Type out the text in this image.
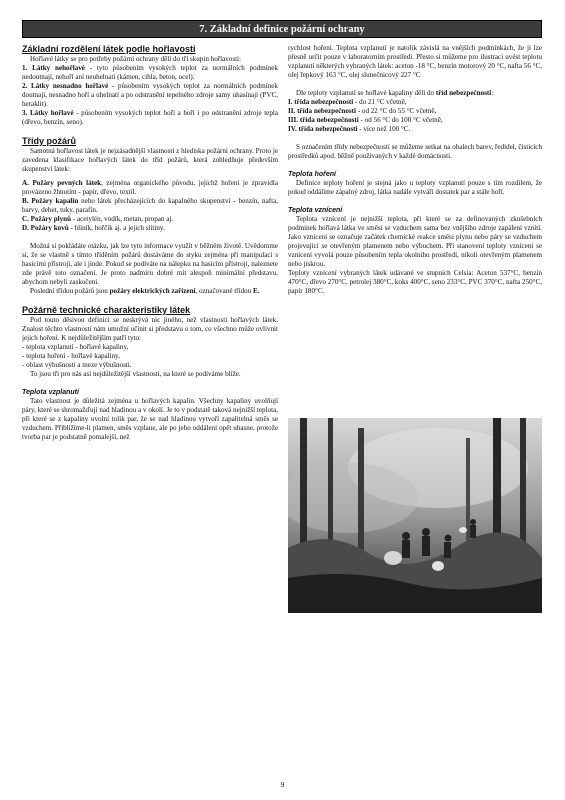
7. Základní definice požární ochrany

Základní rozdělení látek podle hořlavosti

Hořlavé látky se pro potřeby požární ochrany dělí do tří skupin hořlavosti:

1. Látky nehořlavé - tyto působením vysokých teplot za normálních podmínek nedoutnají, nehoří ani neuhelnatí (kámen, cihla, beton, ocel).

2. Látky nesnadno hořlavé - působením vysokých teplot za normálních podmínek doutnají, nesnadno hoří a uhelnatí a po odstranění tepelného zdroje samy uhasínají (PVC, heraklit).

3. Látky hořlavé - působením vysokých teplot hoří a hoří i po odstranění zdroje tepla (dřevo, benzín, seno).

Třídy požárů

Samotná hořlavost látek je nejzásadnější vlastností z hlediska požární ochrany. Proto je zavedena klasifikace hořlavých látek do tříd požárů, která zohledňuje především skupenství látek:

A. Požáry pevných látek, zejména organického původu, jejichž hoření je zpravidla provázeno žhnutím - papír, dřevo, textil.

B. Požáry kapalin nebo látek přecházejících do kapalného skupenství - benzín, nafta, barvy, dehet, tuky, parafín.

C. Požáry plynů - acetylén, vodík, metan, propan aj.

D. Požáry kovů - hliník, hořčík aj. a jejich slitiny.

Možná si pokládáte otázku, jak lze tyto informace využít v běžném životě. Uvědomme si, že se vlastně s tímto tříděním požárů dostáváme do styku zejména při manipulaci s hasicími přístroji, ale i jinde. Pokud se podíváte na nálepku na hasicím přístroji, naleznete zde právě toto označení. Je proto nadmíru dobré mít alespoň minimální představu, abychom nebyli zaskočeni.

Poslední třídou požárů jsou požáry elektrických zařízení, označované třídou E.

Požárně technické charakteristiky látek

Pod touto děsivou definicí se neskrývá nic jiného, než vlastnosti hořlavých látek. Znalost těchto vlastností nám umožní učinit si představu o tom, co všechno může ovlivnit jejich hoření. K nejdůležitějším patří tyto:

- teplota vzplanutí - hořlavé kapaliny,

- teplota hoření - hořlavé kapaliny,

- oblast výbušnosti a meze výbušnosti.

To jsou tři pro nás asi nejdůležitější vlastnosti, na které se podíváme blíže.

Teplota vzplanutí

Tato vlastnost je důležitá zejména u hořlavých kapalin. Všechny kapaliny uvolňují páry, které se shromažďují nad hladinou a v okolí. Je to v podstatě taková nejnižší teplota, při které se z kapaliny uvolní tolik par, že se nad hladinou vytvoří zapalitelná směs se vzduchem. Přiblížíme-li plamen, směs vzplane, ale po jeho oddálení opět uhasne, protože tvorba par je podstatně pomalejší, než

rychlost hoření. Teplota vzplanutí je natolik závislá na vnějších podmínkách, že ji lze přesně určit pouze v laboratorním prostředí. Přesto si můžeme pro ilustraci uvést teplotu vzplanutí některých vybraných látek: aceton -18 °C, benzín motorový 20 °C, nafta 56 °C, olej řepkový 163 °C, olej slunečnicový 227 °C

Dle teploty vzplanutí se hořlavé kapaliny dělí do tříd nebezpečnosti:

I. třída nebezpečnosti - do 21 °C včetně,

II. třída nebezpečnosti - od 22 °C do 55 °C včetně,

III. třída nebezpečnosti - od 56 °C do 100 °C včetně,

IV. třída nebezpečnosti - více než 100 °C.

S označením třídy nebezpečnosti se můžeme setkat na obalech barev, ředidel, čisticích prostředků apod. běžně používaných v každé domácnosti.

Teplota hoření

Definice teploty hoření je stejná jako u teploty vzplanutí pouze s tím rozdílem, že pokud oddálíme zápalný zdroj, látka nadále vytváří dostatek par a stále hoří.

Teplota vznícení

Teplota vznícení je nejnižší teplota, při které se za definovaných zkušebních podmínek hořlavá látka ve směsi se vzduchem sama bez vnějšího zdroje zapálení vznítí. Jako vznícení se označuje začátek chemické reakce směsi plynu nebo páry se vzduchem projevující se otevřeným plamenem nebo výbuchem. Při stanovení teploty vznícení se vznícení vyvolá pouze působením tepla okolního prostředí, nikoli otevřeným plamenem nebo jiskrou.

Teploty vznícení vybraných látek udávané ve stupních Celsia: Aceton 537°C, benzín 470°C, dřevo 270°C, petrolej 380°C, koks 400°C, seno 233°C, PVC 370°C, nafta 250°C, papír 180°C.

9
